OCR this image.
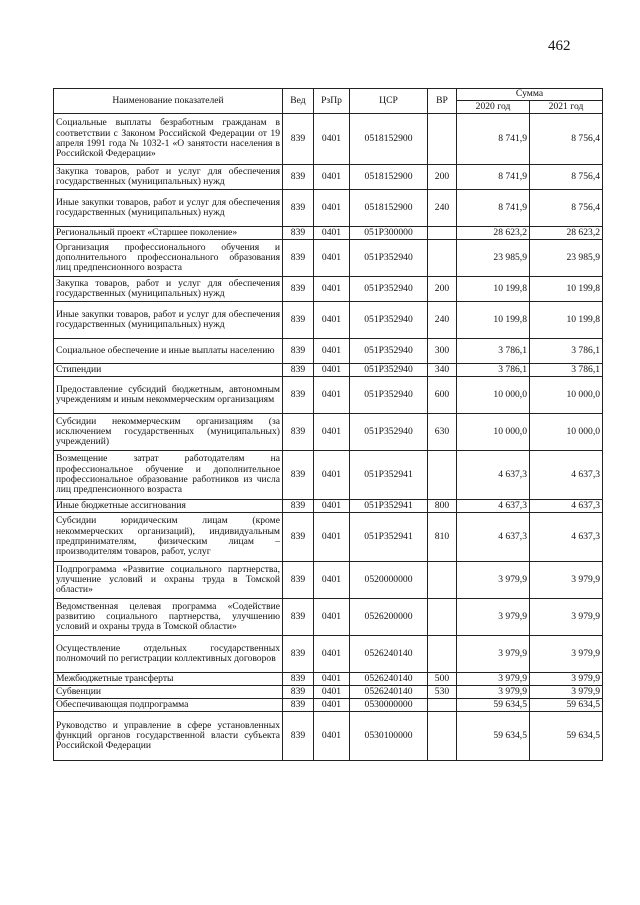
462
Наименование показателей	Вед	РзПр	ЦСР	ВР	Сумма	
					2020 год	2021 год
Социальные выплаты безработным гражданам в соответствии с Законом Российской Федерации от 19 апреля 1991 года № 1032-1 «О занятости населения в Российской Федерации»	839	0401	0518152900		8 741,9	8 756,4
Закупка товаров, работ и услуг для обеспечения государственных (муниципальных) нужд	839	0401	0518152900	200	8 741,9	8 756,4
Иные закупки товаров, работ и услуг для обеспечения государственных (муниципальных) нужд	839	0401	0518152900	240	8 741,9	8 756,4
Региональный проект «Старшее поколение»	839	0401	051P300000		28 623,2	28 623,2
Организация профессионального обучения и дополнительного профессионального образования лиц предпенсионного возраста	839	0401	051P352940		23 985,9	23 985,9
Закупка товаров, работ и услуг для обеспечения государственных (муниципальных) нужд	839	0401	051P352940	200	10 199,8	10 199,8
Иные закупки товаров, работ и услуг для обеспечения государственных (муниципальных) нужд	839	0401	051P352940	240	10 199,8	10 199,8
Социальное обеспечение и иные выплаты населению	839	0401	051P352940	300	3 786,1	3 786,1
Стипендии	839	0401	051P352940	340	3 786,1	3 786,1
Предоставление субсидий бюджетным, автономным учреждениям и иным некоммерческим организациям	839	0401	051P352940	600	10 000,0	10 000,0
Субсидии некоммерческим организациям (за исключением государственных (муниципальных) учреждений)	839	0401	051P352940	630	10 000,0	10 000,0
Возмещение затрат работодателям на профессиональное обучение и дополнительное профессиональное образование работников из числа лиц предпенсионного возраста	839	0401	051P352941		4 637,3	4 637,3
Иные бюджетные ассигнования	839	0401	051P352941	800	4 637,3	4 637,3
Субсидии юридическим лицам (кроме некоммерческих организаций), индивидуальным предпринимателям, физическим лицам – производителям товаров, работ, услуг	839	0401	051P352941	810	4 637,3	4 637,3
Подпрограмма «Развитие социального партнерства, улучшение условий и охраны труда в Томской области»	839	0401	0520000000		3 979,9	3 979,9
Ведомственная целевая программа «Содействие развитию социального партнерства, улучшению условий и охраны труда в Томской области»	839	0401	0526200000		3 979,9	3 979,9
Осуществление отдельных государственных полномочий по регистрации коллективных договоров	839	0401	0526240140		3 979,9	3 979,9
Межбюджетные трансферты	839	0401	0526240140	500	3 979,9	3 979,9
Субвенции	839	0401	0526240140	530	3 979,9	3 979,9
Обеспечивающая подпрограмма	839	0401	0530000000		59 634,5	59 634,5
Руководство и управление в сфере установленных функций органов государственной власти субъекта Российской Федерации	839	0401	0530100000		59 634,5	59 634,5
